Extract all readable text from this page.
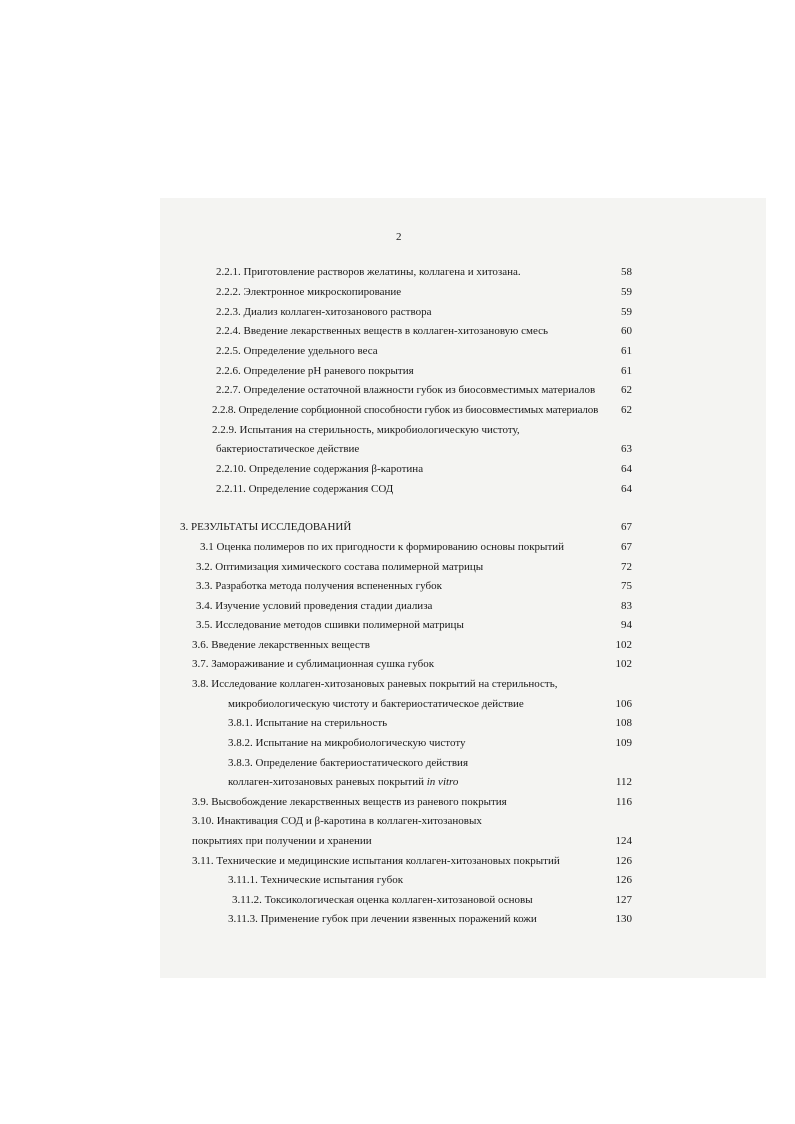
2
2.2.1. Приготовление растворов желатины, коллагена и хитозана.	58
2.2.2. Электронное микроскопирование	59
2.2.3. Диализ коллаген-хитозанового раствора	59
2.2.4. Введение лекарственных веществ в коллаген-хитозановую смесь	60
2.2.5. Определение удельного веса	61
2.2.6. Определение pH раневого покрытия	61
2.2.7. Определение остаточной влажности губок из биосовместимых материалов	62
2.2.8. Определение сорбционной способности губок из биосовместимых материалов	62
2.2.9. Испытания на стерильность, микробиологическую чистоту,
бактериостатическое действие	63
2.2.10. Определение содержания β-каротина	64
2.2.11. Определение содержания СОД	64
3. РЕЗУЛЬТАТЫ ИССЛЕДОВАНИЙ	67
3.1 Оценка полимеров по их пригодности к формированию основы покрытий	67
3.2. Оптимизация химического состава полимерной матрицы	72
3.3. Разработка метода получения вспененных губок	75
3.4. Изучение условий проведения стадии диализа	83
3.5. Исследование методов сшивки полимерной матрицы	94
3.6. Введение лекарственных веществ	102
3.7. Замораживание и сублимационная сушка губок	102
3.8. Исследование коллаген-хитозановых раневых покрытий на стерильность,
микробиологическую чистоту и бактериостатическое действие	106
3.8.1. Испытание на стерильность	108
3.8.2. Испытание на микробиологическую чистоту	109
3.8.3. Определение бактериостатического действия
коллаген-хитозановых раневых покрытий in vitro	112
3.9. Высвобождение лекарственных веществ из раневого покрытия	116
3.10. Инактивация СОД и β-каротина в коллаген-хитозановых
покрытиях при получении и хранении	124
3.11. Технические и медицинские испытания коллаген-хитозановых покрытий	126
3.11.1. Технические испытания губок	126
3.11.2. Токсикологическая оценка коллаген-хитозановой основы	127
3.11.3. Применение губок при лечении язвенных поражений кожи	130
